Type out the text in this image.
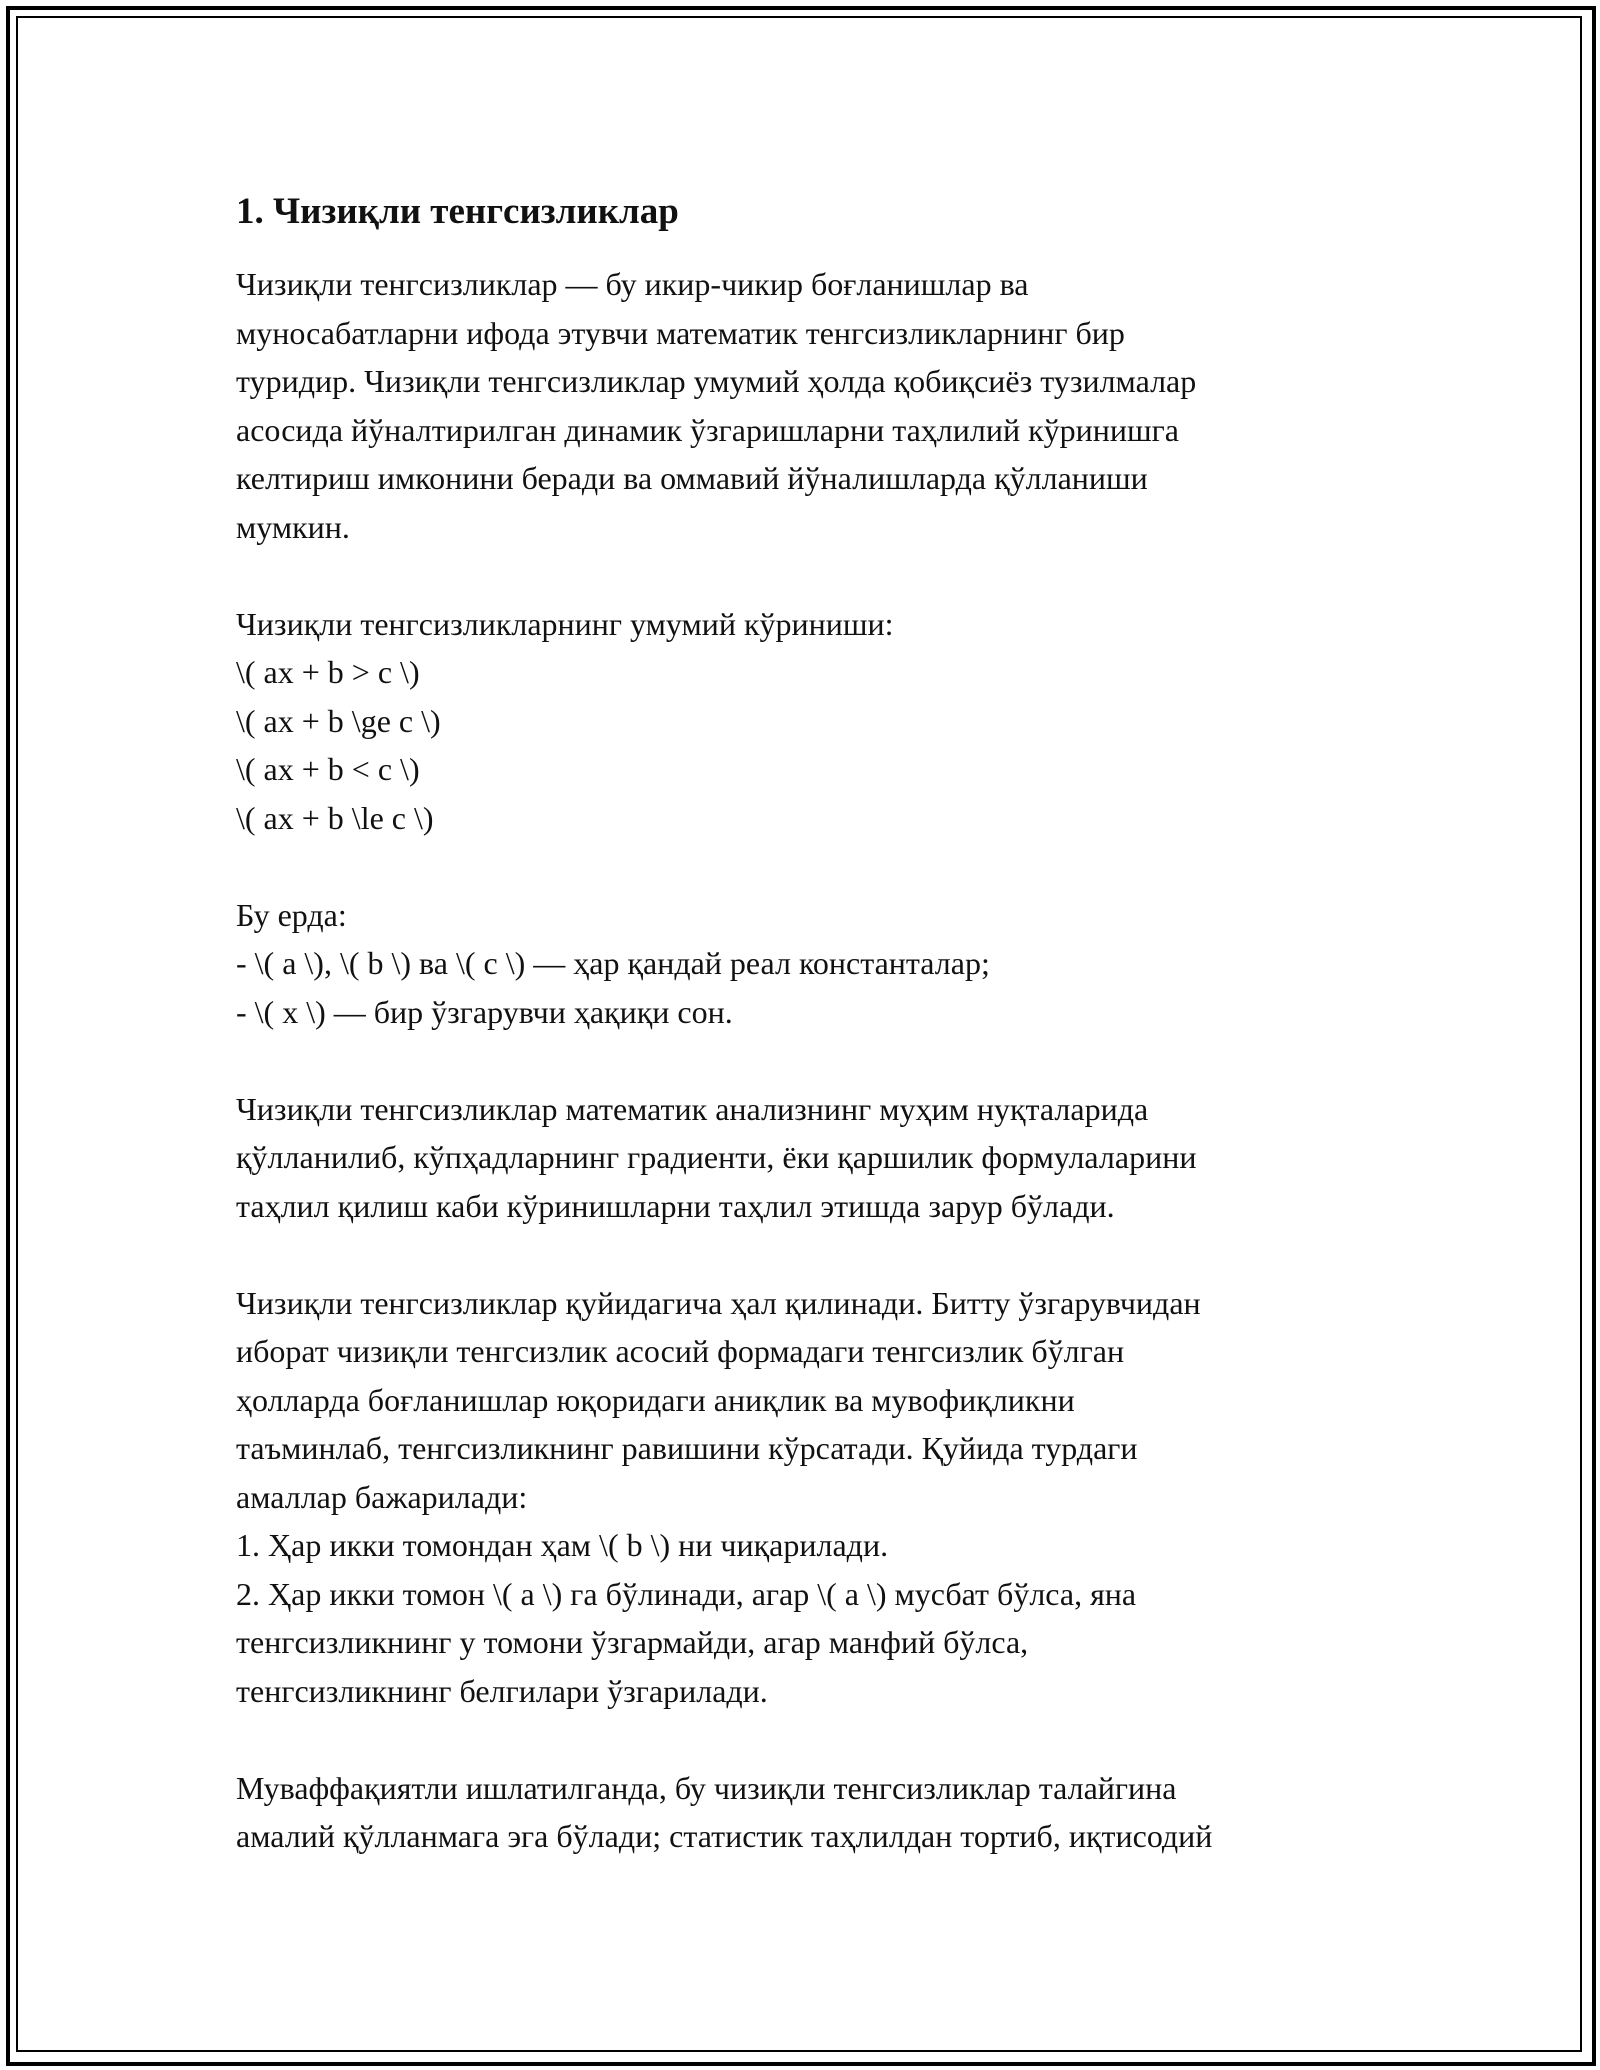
1. Чизиқли тенгсизликлар

Чизиқли тенгсизликлар — бу икир-чикир боғланишлар ва

муносабатларни ифода этувчи математик тенгсизликларнинг бир

туридир. Чизиқли тенгсизликлар умумий ҳолда қобиқсиёз тузилмалар

асосида йўналтирилган динамик ўзгаришларни таҳлилий кўринишга

келтириш имконини беради ва оммавий йўналишларда қўлланиши

мумкин.

Чизиқли тенгсизликларнинг умумий кўриниши:

\( ax + b > c \)

\( ax + b \ge c \)

\( ax + b < c \)

\( ax + b \le c \)

Бу ерда:

- \( a \), \( b \) ва \( c \) — ҳар қандай реал константалар;

- \( x \) — бир ўзгарувчи ҳақиқи сон.

Чизиқли тенгсизликлар математик анализнинг муҳим нуқталарида

қўлланилиб, кўпҳадларнинг градиенти, ёки қаршилик формулаларини

таҳлил қилиш каби кўринишларни таҳлил этишда зарур бўлади.

Чизиқли тенгсизликлар қуйидагича ҳал қилинади. Битту ўзгарувчидан

иборат чизиқли тенгсизлик асосий формадаги тенгсизлик бўлган

ҳолларда боғланишлар юқоридаги аниқлик ва мувофиқликни

таъминлаб, тенгсизликнинг равишини кўрсатади. Қуйида турдаги

амаллар бажарилади:

1. Ҳар икки томондан ҳам \( b \) ни чиқарилади.

2. Ҳар икки томон \( a \) га бўлинади, агар \( a \) мусбат бўлса, яна

тенгсизликнинг у томони ўзгармайди, агар манфий бўлса,

тенгсизликнинг белгилари ўзгарилади.

Муваффақиятли ишлатилганда, бу чизиқли тенгсизликлар талайгина

амалий қўлланмага эга бўлади; статистик таҳлилдан тортиб, иқтисодий
